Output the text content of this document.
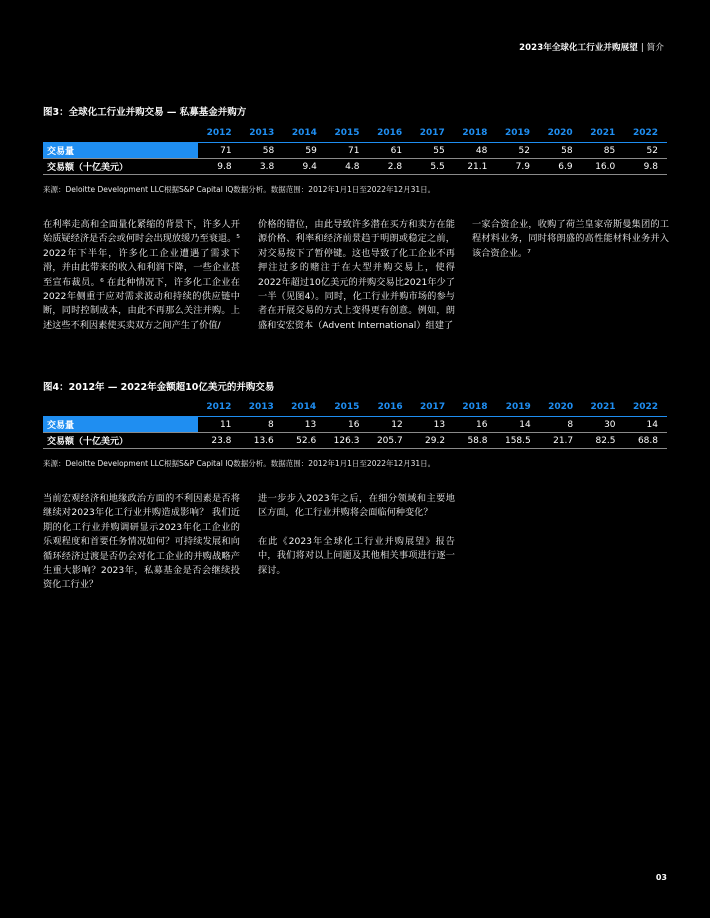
2023年全球化工行业并购展望 | 简介
图3：全球化工行业并购交易 — 私募基金并购方
	2012	2013	2014	2015	2016	2017	2018	2019	2020	2021	2022
交易量	71	58	59	71	61	55	48	52	58	85	52
交易额（十亿美元）	9.8	3.8	9.4	4.8	2.8	5.5	21.1	7.9	6.9	16.0	9.8
来源：Deloitte Development LLC根据S&P Capital IQ数据分析。数据范围：2012年1月1日至2022年12月31日。
在利率走高和全面量化紧缩的背景下，许多人开始质疑经济是否会或何时会出现放缓乃至衰退。⁵ 2022年下半年，许多化工企业遭遇了需求下滑，并由此带来的收入和利润下降，一些企业甚至宣布裁员。⁶ 在此种情况下，许多化工企业在2022年侧重于应对需求波动和持续的供应链中断，同时控制成本，由此不再那么关注并购。上述这些不利因素使买卖双方之间产生了价值/
价格的错位，由此导致许多潜在买方和卖方在能源价格、利率和经济前景趋于明朗或稳定之前，对交易按下了暂停键。这也导致了化工企业不再押注过多的赌注于在大型并购交易上，使得2022年超过10亿美元的并购交易比2021年少了一半（见图4）。同时，化工行业并购市场的参与者在开展交易的方式上变得更有创意。例如，朗盛和安宏资本（Advent International）组建了
一家合资企业，收购了荷兰皇家帝斯曼集团的工程材料业务，同时将朗盛的高性能材料业务并入该合资企业。⁷
图4：2012年 — 2022年金额超10亿美元的并购交易
	2012	2013	2014	2015	2016	2017	2018	2019	2020	2021	2022
交易量	11	8	13	16	12	13	16	14	8	30	14
交易额（十亿美元）	23.8	13.6	52.6	126.3	205.7	29.2	58.8	158.5	21.7	82.5	68.8
来源：Deloitte Development LLC根据S&P Capital IQ数据分析。数据范围：2012年1月1日至2022年12月31日。
当前宏观经济和地缘政治方面的不利因素是否将继续对2023年化工行业并购造成影响？ 我们近期的化工行业并购调研显示2023年化工企业的乐观程度和首要任务情况如何？可持续发展和向循环经济过渡是否仍会对化工企业的并购战略产生重大影响？2023年，私募基金是否会继续投资化工行业？
进一步步入2023年之后，在细分领域和主要地区方面，化工行业并购将会面临何种变化？
在此《2023年全球化工行业并购展望》报告中，我们将对以上问题及其他相关事项进行逐一探讨。
03
